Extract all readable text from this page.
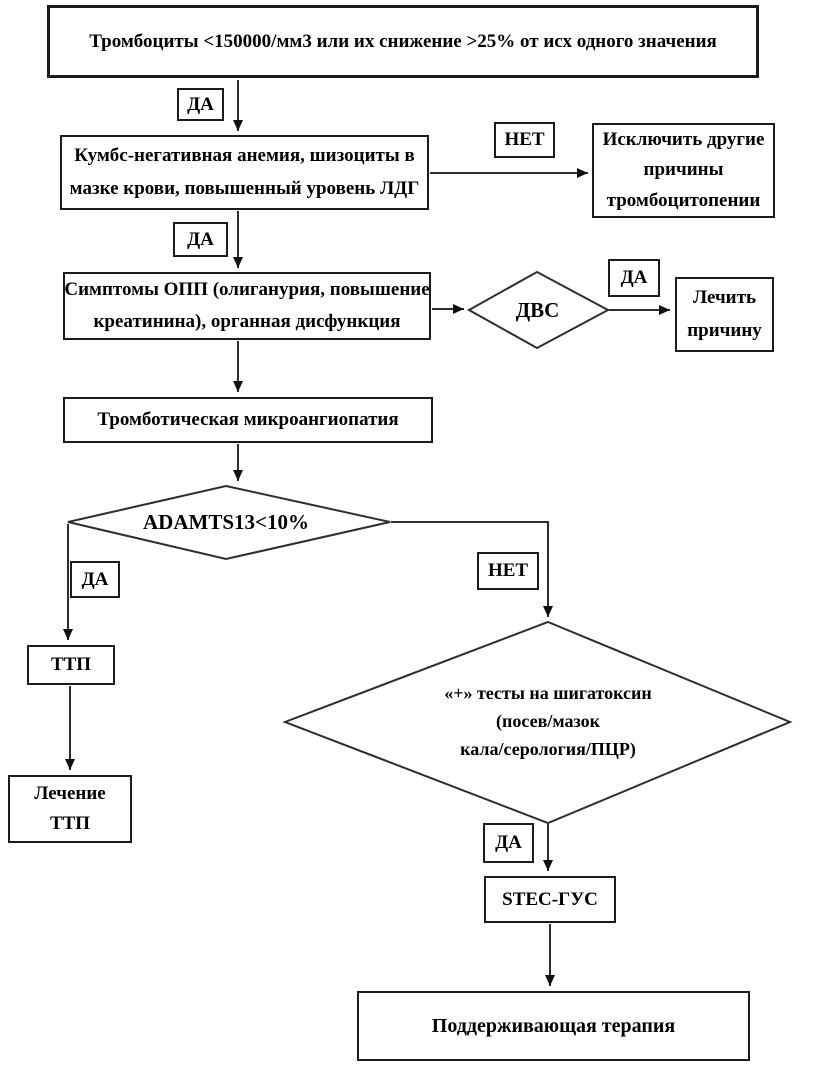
Тромбоциты <150000/мм3 или их снижение >25% от исх одного значения
Кумбс-негативная анемия, шизоциты в
мазке крови, повышенный уровень ЛДГ
Исключить другие
причины
тромбоцитопении
Симптомы ОПП (олиганурия, повышение
креатинина), органная дисфункция
Лечить
причину
Тромботическая микроангиопатия
ТТП
Лечение
ТТП
STEC-ГУС
Поддерживающая терапия
ДВС
ADAMTS13<10%
«+» тесты на шигатоксин
(посев/мазок
кала/серология/ПЦР)
ДА
НЕТ
ДА
ДА
ДА	НЕТ
ДА
